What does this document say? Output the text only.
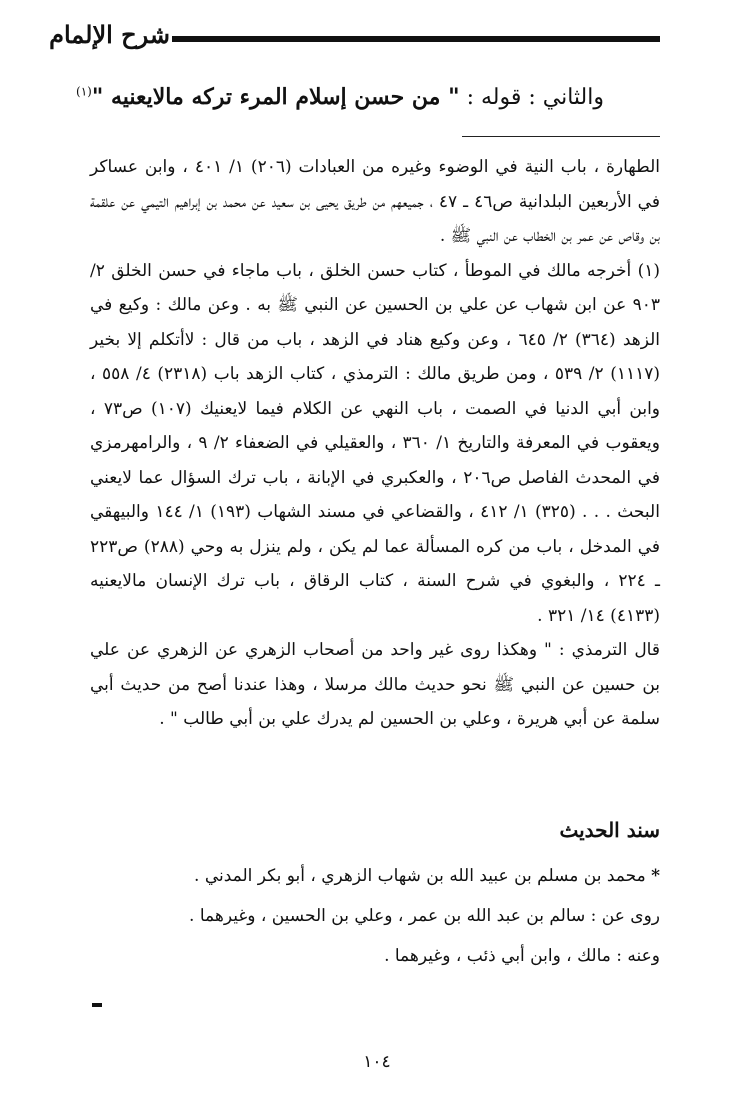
شرح الإلمام
والثاني : قوله : " من حسن إسلام المرء تركه مالايعنيه "$^{(١)}$

الطهارة ، باب النية في الوضوء وغيره من العبادات (٢٠٦) ١/ ٤٠١ ، وابن عساكر في الأربعين البلدانية ص٤٦ ـ ٤٧ ، جميعهم من طريق يحيى بن سعيد عن محمد بن إبراهيم التيمي عن علقمة بن وقاص عن عمر بن الخطاب عن النبي ﷺ .

(١) أخرجه مالك في الموطأ ، كتاب حسن الخلق ، باب ماجاء في حسن الخلق ٢/ ٩٠٣ عن ابن شهاب عن علي بن الحسين عن النبي ﷺ به . وعن مالك : وكيع في الزهد (٣٦٤) ٢/ ٦٤٥ ، وعن وكيع هناد في الزهد ، باب من قال : لاأتكلم إلا بخير (١١١٧) ٢/ ٥٣٩ ، ومن طريق مالك : الترمذي ، كتاب الزهد باب (٢٣١٨) ٤/ ٥٥٨ ، وابن أبي الدنيا في الصمت ، باب النهي عن الكلام فيما لايعنيك (١٠٧) ص٧٣ ، ويعقوب في المعرفة والتاريخ ١/ ٣٦٠ ، والعقيلي في الضعفاء ٢/ ٩ ، والرامهرمزي في المحدث الفاصل ص٢٠٦ ، والعكبري في الإبانة ، باب ترك السؤال عما لايعني البحث . . . (٣٢٥) ١/ ٤١٢ ، والقضاعي في مسند الشهاب (١٩٣) ١/ ١٤٤ والبيهقي في المدخل ، باب من كره المسألة عما لم يكن ، ولم ينزل به وحي (٢٨٨) ص٢٢٣ ـ ٢٢٤ ، والبغوي في شرح السنة ، كتاب الرقاق ، باب ترك الإنسان مالايعنيه (٤١٣٣) ١٤/ ٣٢١ .

قال الترمذي : " وهكذا روى غير واحد من أصحاب الزهري عن الزهري عن علي بن حسين عن النبي ﷺ نحو حديث مالك مرسلا ، وهذا عندنا أصح من حديث أبي سلمة عن أبي هريرة ، وعلي بن الحسين لم يدرك علي بن أبي طالب " .

سند الحديث

* محمد بن مسلم بن عبيد الله بن شهاب الزهري ، أبو بكر المدني .

روى عن : سالم بن عبد الله بن عمر ، وعلي بن الحسين ، وغيرهما .

وعنه : مالك ، وابن أبي ذئب ، وغيرهما .

١٠٤
